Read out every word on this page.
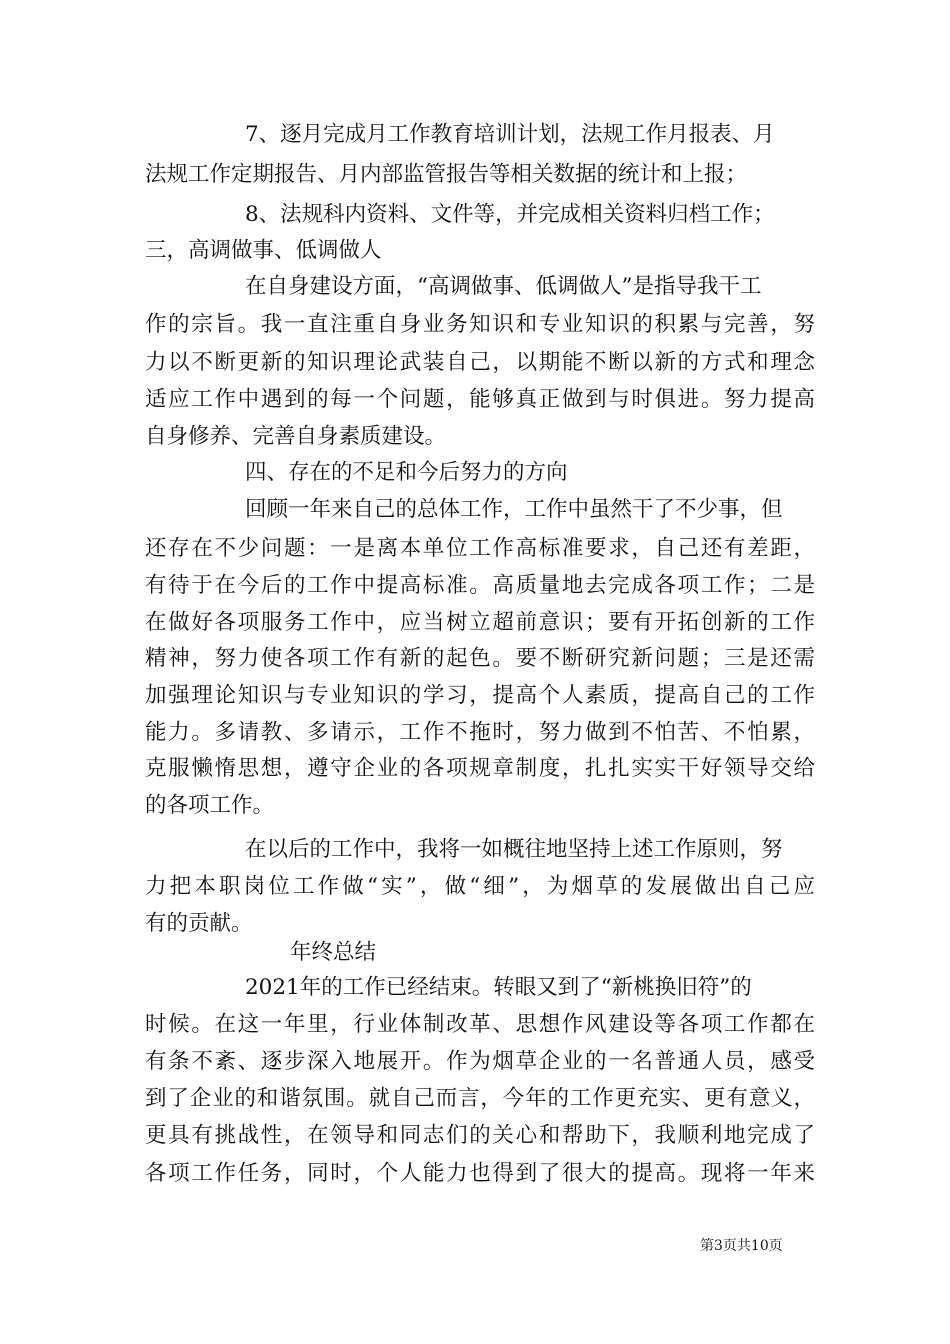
7、逐月完成月工作教育培训计划，法规工作月报表、月
法规工作定期报告、月内部监管报告等相关数据的统计和上报；
8、法规科内资料、文件等，并完成相关资料归档工作；
三，高调做事、低调做人
在自身建设方面，“高调做事、低调做人”是指导我干工
作的宗旨。我一直注重自身业务知识和专业知识的积累与完善，努
力以不断更新的知识理论武装自己，以期能不断以新的方式和理念
适应工作中遇到的每一个问题，能够真正做到与时俱进。努力提高
自身修养、完善自身素质建设。
四、存在的不足和今后努力的方向
回顾一年来自己的总体工作，工作中虽然干了不少事，但
还存在不少问题：一是离本单位工作高标准要求，自己还有差距，
有待于在今后的工作中提高标准。高质量地去完成各项工作；二是
在做好各项服务工作中，应当树立超前意识；要有开拓创新的工作
精神，努力使各项工作有新的起色。要不断研究新问题；三是还需
加强理论知识与专业知识的学习，提高个人素质，提高自己的工作
能力。多请教、多请示，工作不拖时，努力做到不怕苦、不怕累，
克服懒惰思想，遵守企业的各项规章制度，扎扎实实干好领导交给
的各项工作。
在以后的工作中，我将一如概往地坚持上述工作原则，努
力把本职岗位工作做“实”，做“细”，为烟草的发展做出自己应
有的贡献。
年终总结
2021年的工作已经结束。转眼又到了“新桃换旧符”的
时候。在这一年里，行业体制改革、思想作风建设等各项工作都在
有条不紊、逐步深入地展开。作为烟草企业的一名普通人员，感受
到了企业的和谐氛围。就自己而言，今年的工作更充实、更有意义，
更具有挑战性，在领导和同志们的关心和帮助下，我顺利地完成了
各项工作任务，同时，个人能力也得到了很大的提高。现将一年来
第3页共10页
